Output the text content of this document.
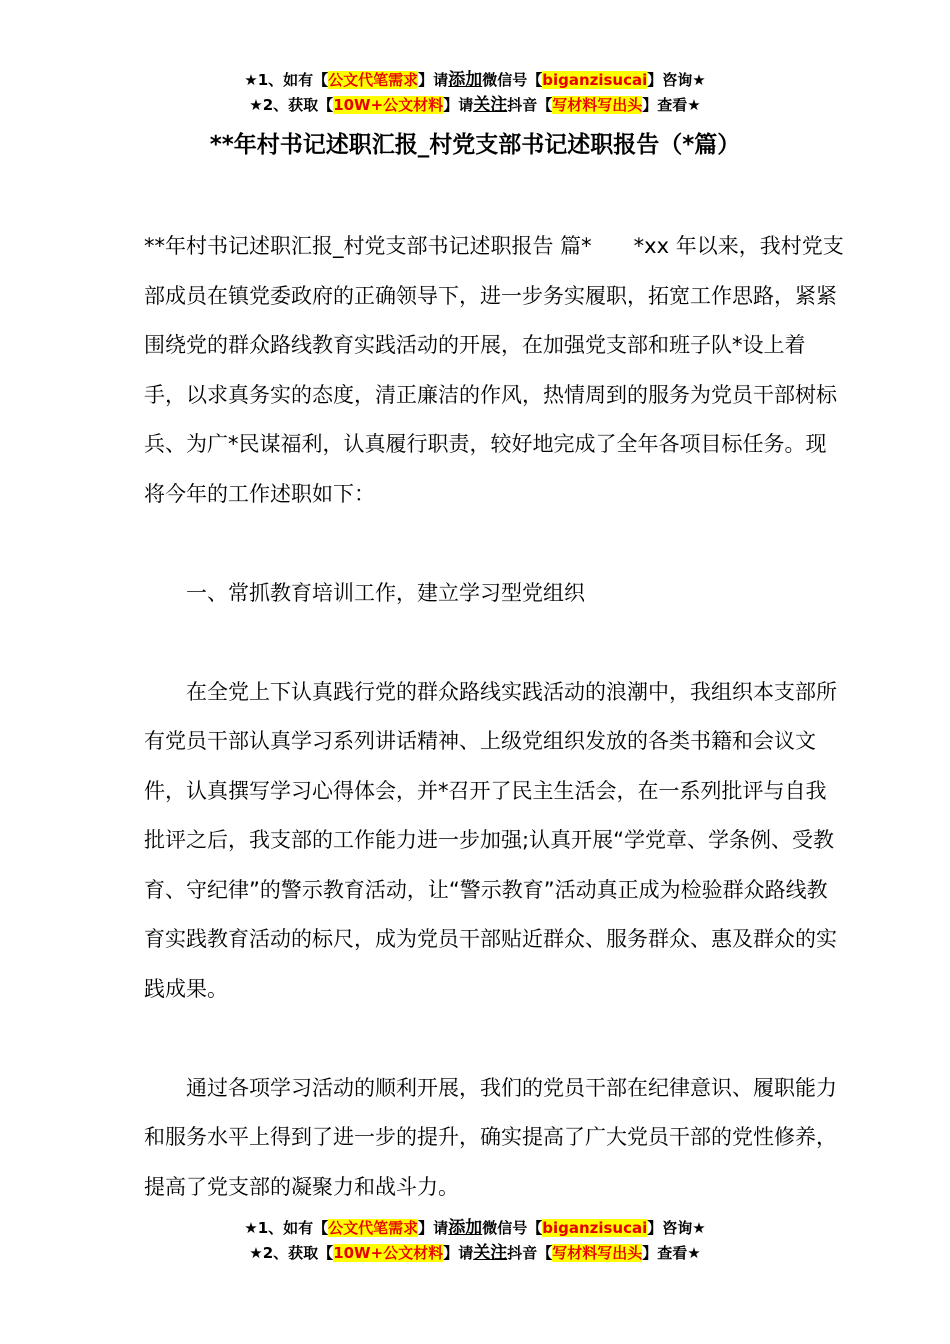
★1、如有【公文代笔需求】请添加微信号【biganzisucai】咨询★
★2、获取【10W+公文材料】请关注抖音【写材料写出头】查看★
**年村书记述职汇报_村党支部书记述职报告（*篇）

**年村书记述职汇报_村党支部书记述职报告 篇*　　*xx 年以来，我村党支部成员在镇党委政府的正确领导下，进一步务实履职，拓宽工作思路，紧紧围绕党的群众路线教育实践活动的开展，在加强党支部和班子队*设上着手，以求真务实的态度，清正廉洁的作风，热情周到的服务为党员干部树标兵、为广*民谋福利，认真履行职责，较好地完成了全年各项目标任务。现将今年的工作述职如下：

一、常抓教育培训工作，建立学习型党组织

在全党上下认真践行党的群众路线实践活动的浪潮中，我组织本支部所有党员干部认真学习系列讲话精神、上级党组织发放的各类书籍和会议文件，认真撰写学习心得体会，并*召开了民主生活会，在一系列批评与自我批评之后，我支部的工作能力进一步加强;认真开展“学党章、学条例、受教育、守纪律”的警示教育活动，让“警示教育”活动真正成为检验群众路线教育实践教育活动的标尺，成为党员干部贴近群众、服务群众、惠及群众的实践成果。

通过各项学习活动的顺利开展，我们的党员干部在纪律意识、履职能力和服务水平上得到了进一步的提升，确实提高了广大党员干部的党性修养， 提高了党支部的凝聚力和战斗力。

★1、如有【公文代笔需求】请添加微信号【biganzisucai】咨询★
★2、获取【10W+公文材料】请关注抖音【写材料写出头】查看★
